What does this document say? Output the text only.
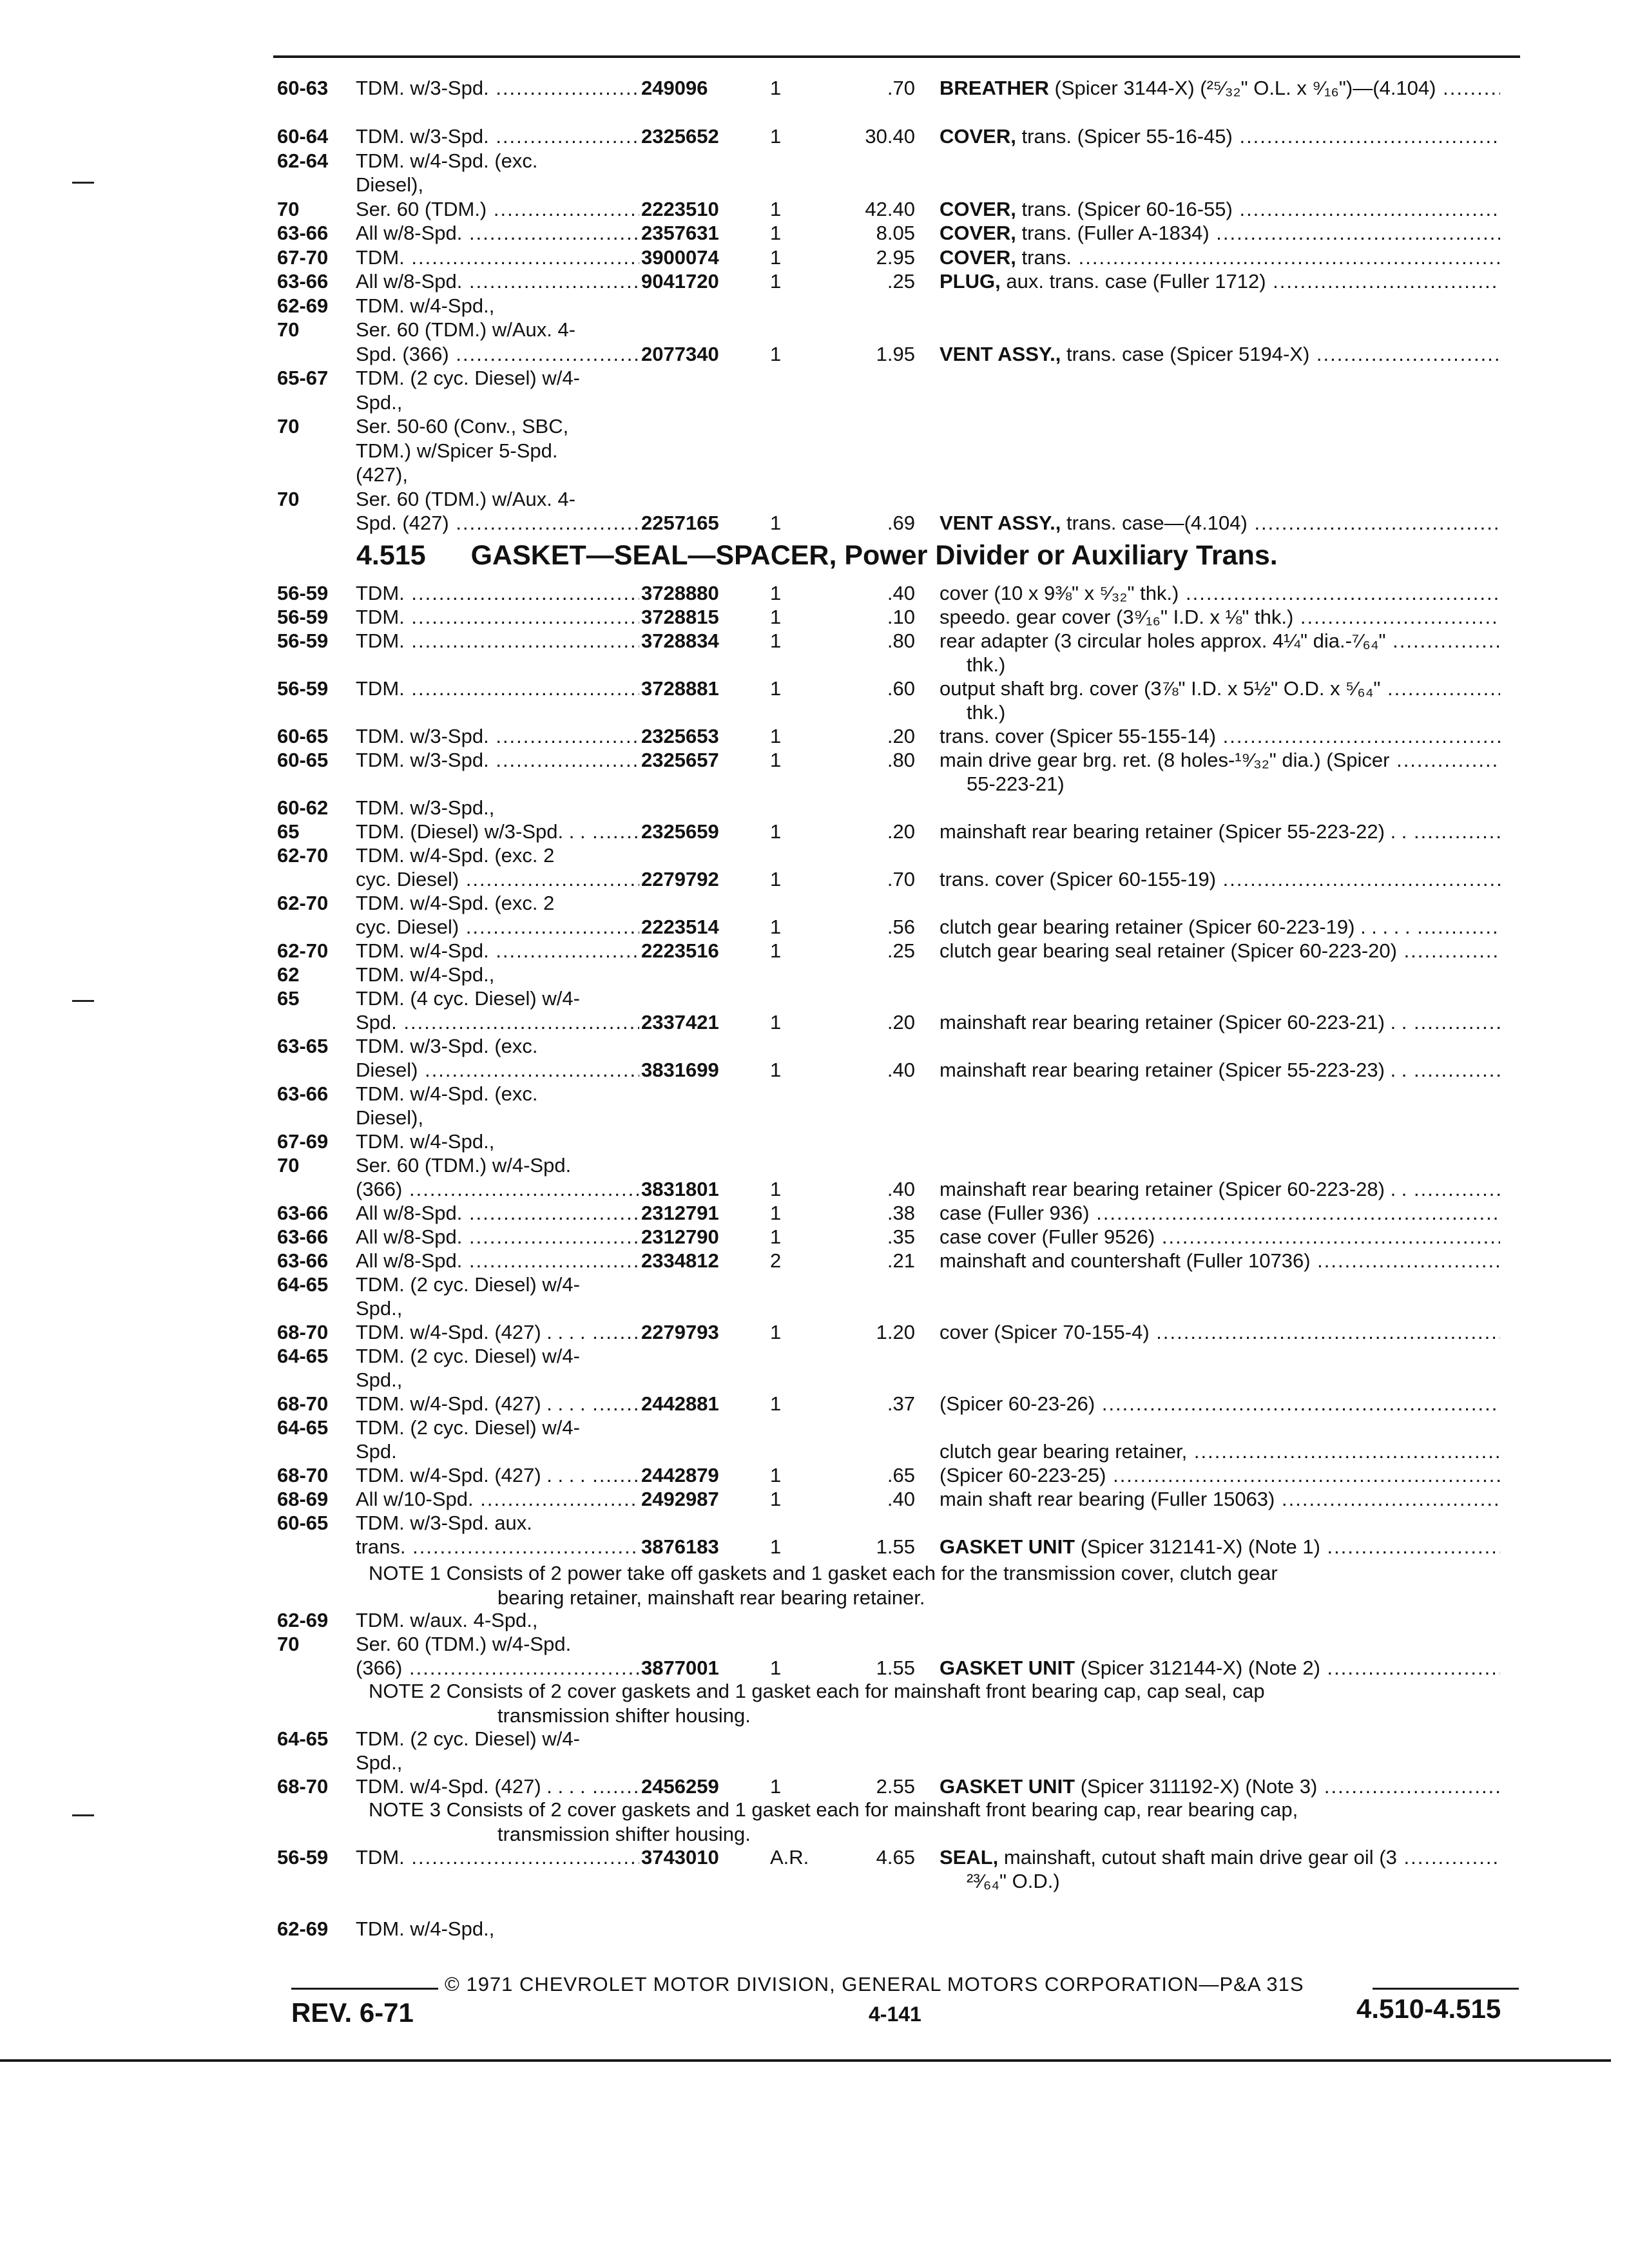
60-63	TDM. w/3-Spd. .....	249096	1	.70 BREATHER (Spicer 3144-X) (²⁵⁄₃₂" O.L. x ⁹⁄₁₆")—(4.104) .....
60-64	TDM. w/3-Spd. .....	2325652	1	30.40 COVER, trans. (Spicer 55-16-45) .....
62-64	TDM. w/4-Spd. (exc.
Diesel),
70	Ser. 60 (TDM.) .....	2223510	1	42.40 COVER, trans. (Spicer 60-16-55) .....
63-66	All w/8-Spd. .....	2357631	1	8.05 COVER, trans. (Fuller A-1834) .....
67-70	TDM. .....	3900074	1	2.95 COVER, trans. .....
63-66	All w/8-Spd. .....	9041720	1	.25 PLUG, aux. trans. case (Fuller 1712) .....
62-69	TDM. w/4-Spd.,
70	Ser. 60 (TDM.) w/Aux. 4-
Spd. (366) .....	2077340	1	1.95 VENT ASSY., trans. case (Spicer 5194-X) .....
65-67	TDM. (2 cyc. Diesel) w/4-
Spd.,
70	Ser. 50-60 (Conv., SBC,
TDM.) w/Spicer 5-Spd.
(427),
70	Ser. 60 (TDM.) w/Aux. 4-
Spd. (427) .....	2257165	1	.69 VENT ASSY., trans. case—(4.104) .....
4.515 GASKET—SEAL—SPACER, Power Divider or Auxiliary Trans.
56-59	TDM. .....	3728880	1	.40 cover (10 x 9⅜" x ⁵⁄₃₂" thk.) .....
56-59	TDM. .....	3728815	1	.10 speedo. gear cover (3⁹⁄₁₆" I.D. x ⅛" thk.) .....
56-59	TDM. .....	3728834	1	.80 rear adapter (3 circular holes approx. 4¼" dia.-⁷⁄₆₄" .....
thk.)
56-59	TDM. .....	3728881	1	.60 output shaft brg. cover (3⅞" I.D. x 5½" O.D. x ⁵⁄₆₄" .....
thk.)
60-65	TDM. w/3-Spd. .....	2325653	1	.20 trans. cover (Spicer 55-155-14) .....
60-65	TDM. w/3-Spd. .....	2325657	1	.80 main drive gear brg. ret. (8 holes-¹⁹⁄₃₂" dia.) (Spicer .....
55-223-21)
60-62	TDM. w/3-Spd.,
65	TDM. (Diesel) w/3-Spd. . . .....	2325659	1	.20 mainshaft rear bearing retainer (Spicer 55-223-22) . . .....
62-70	TDM. w/4-Spd. (exc. 2
cyc. Diesel) .....	2279792	1	.70 trans. cover (Spicer 60-155-19) .....
62-70	TDM. w/4-Spd. (exc. 2
cyc. Diesel) .....	2223514	1	.56 clutch gear bearing retainer (Spicer 60-223-19) . . . . . .....
62-70	TDM. w/4-Spd. .....	2223516	1	.25 clutch gear bearing seal retainer (Spicer 60-223-20) .....
62	TDM. w/4-Spd.,
65	TDM. (4 cyc. Diesel) w/4-
Spd. .....	2337421	1	.20 mainshaft rear bearing retainer (Spicer 60-223-21) . . .....
63-65	TDM. w/3-Spd. (exc.
Diesel) .....	3831699	1	.40 mainshaft rear bearing retainer (Spicer 55-223-23) . . .....
63-66	TDM. w/4-Spd. (exc.
Diesel),
67-69	TDM. w/4-Spd.,
70	Ser. 60 (TDM.) w/4-Spd.
(366) .....	3831801	1	.40 mainshaft rear bearing retainer (Spicer 60-223-28) . . .....
63-66	All w/8-Spd. .....	2312791	1	.38 case (Fuller 936) .....
63-66	All w/8-Spd. .....	2312790	1	.35 case cover (Fuller 9526) .....
63-66	All w/8-Spd. .....	2334812	2	.21 mainshaft and countershaft (Fuller 10736) .....
64-65	TDM. (2 cyc. Diesel) w/4-
Spd.,
68-70	TDM. w/4-Spd. (427) . . . . .....	2279793	1	1.20 cover (Spicer 70-155-4) .....
64-65	TDM. (2 cyc. Diesel) w/4-
Spd.,
68-70	TDM. w/4-Spd. (427) . . . . .....	2442881	1	.37 (Spicer 60-23-26) .....
64-65	TDM. (2 cyc. Diesel) w/4-
Spd.	clutch gear bearing retainer, .....
68-70	TDM. w/4-Spd. (427) . . . . .....	2442879	1	.65 (Spicer 60-223-25) .....
68-69	All w/10-Spd. .....	2492987	1	.40 main shaft rear bearing (Fuller 15063) .....
60-65	TDM. w/3-Spd. aux.
trans. .....	3876183	1	1.55 GASKET UNIT (Spicer 312141-X) (Note 1) .....
NOTE 1 Consists of 2 power take off gaskets and 1 gasket each for the transmission cover, clutch gear
bearing retainer, mainshaft rear bearing retainer.
62-69	TDM. w/aux. 4-Spd.,
70	Ser. 60 (TDM.) w/4-Spd.
(366) .....	3877001	1	1.55 GASKET UNIT (Spicer 312144-X) (Note 2) .....
NOTE 2 Consists of 2 cover gaskets and 1 gasket each for mainshaft front bearing cap, cap seal, cap
transmission shifter housing.
64-65	TDM. (2 cyc. Diesel) w/4-
Spd.,
68-70	TDM. w/4-Spd. (427) . . . . .....	2456259	1	2.55 GASKET UNIT (Spicer 311192-X) (Note 3) .....
NOTE 3 Consists of 2 cover gaskets and 1 gasket each for mainshaft front bearing cap, rear bearing cap,
transmission shifter housing.
56-59	TDM. .....	3743010	A.R.	4.65 SEAL, mainshaft, cutout shaft main drive gear oil (3 .....
²³⁄₆₄" O.D.)
62-69	TDM. w/4-Spd.,
© 1971 CHEVROLET MOTOR DIVISION, GENERAL MOTORS CORPORATION—P&A 31S
REV. 6-71	4-141	4.510-4.515
